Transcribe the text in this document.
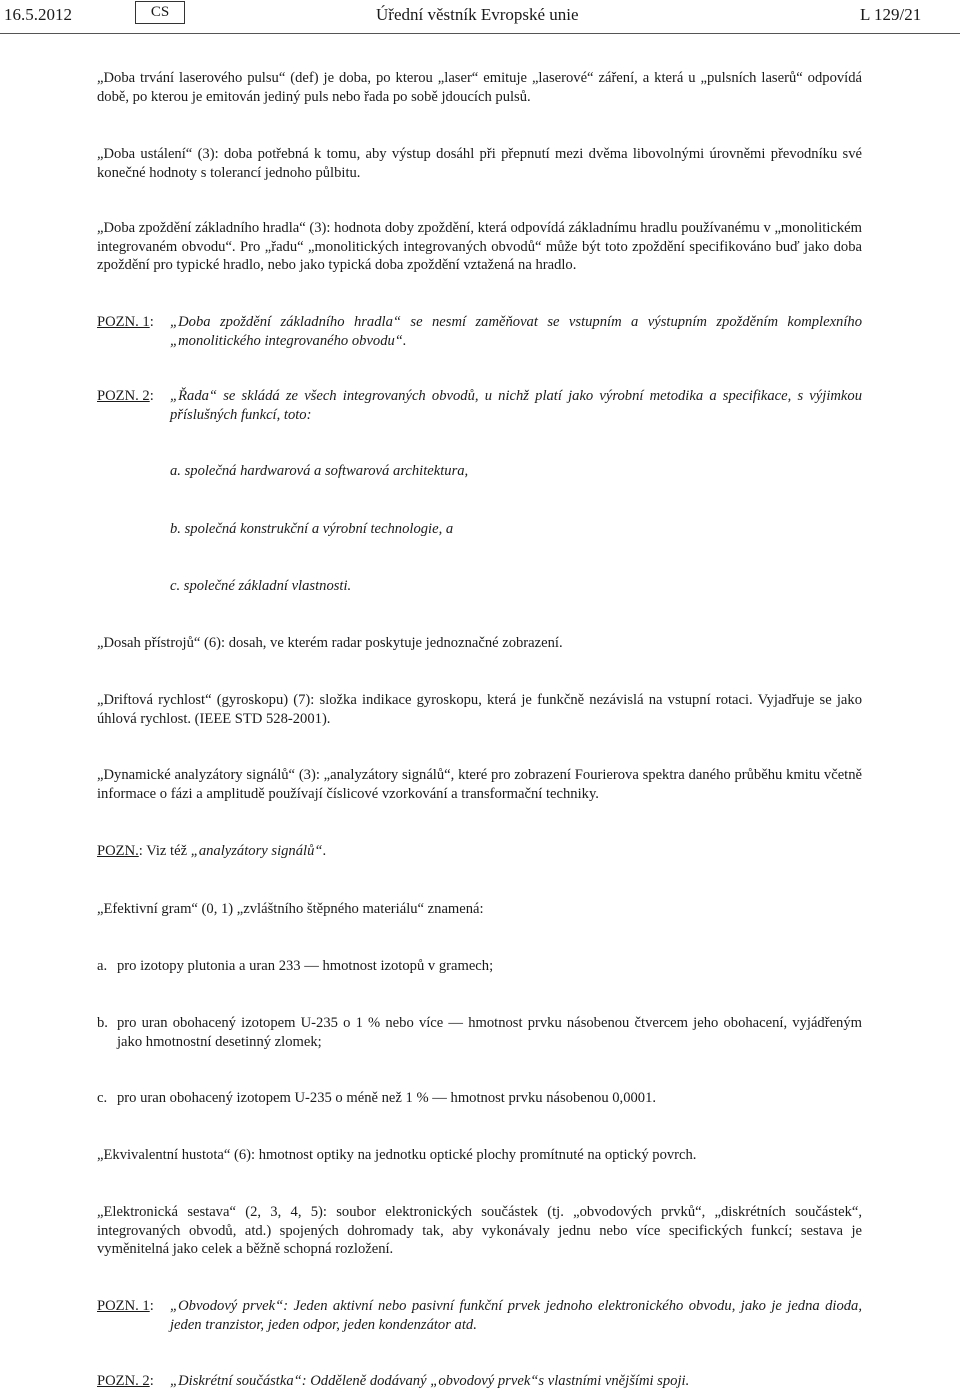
16.5.2012	CS	Úřední věstník Evropské unie	L 129/21

„Doba trvání laserového pulsu“ (def) je doba, po kterou „laser“ emituje „laserové“ záření, a která u „pulsních laserů“ odpovídá době, po kterou je emitován jediný puls nebo řada po sobě jdoucích pulsů.

„Doba ustálení“ (3): doba potřebná k tomu, aby výstup dosáhl při přepnutí mezi dvěma libovolnými úrovněmi převodníku své konečné hodnoty s tolerancí jednoho půlbitu.

„Doba zpoždění základního hradla“ (3): hodnota doby zpoždění, která odpovídá základnímu hradlu používanému v „monolitickém integrovaném obvodu“. Pro „řadu“ „monolitických integrovaných obvodů“ může být toto zpoždění specifikováno buď jako doba zpoždění pro typické hradlo, nebo jako typická doba zpoždění vztažená na hradlo.

POZN. 1: „Doba zpoždění základního hradla“ se nesmí zaměňovat se vstupním a výstupním zpožděním komplexního „monolitického integrovaného obvodu“.
POZN. 2: „Řada“ se skládá ze všech integrovaných obvodů, u nichž platí jako výrobní metodika a specifikace, s výjimkou příslušných funkcí, toto:

a. společná hardwarová a softwarová architektura,

b. společná konstrukční a výrobní technologie, a

c. společné základní vlastnosti.

„Dosah přístrojů“ (6): dosah, ve kterém radar poskytuje jednoznačné zobrazení.

„Driftová rychlost“ (gyroskopu) (7): složka indikace gyroskopu, která je funkčně nezávislá na vstupní rotaci. Vyjadřuje se jako úhlová rychlost. (IEEE STD 528-2001).

„Dynamické analyzátory signálů“ (3): „analyzátory signálů“, které pro zobrazení Fourierova spektra daného průběhu kmitu včetně informace o fázi a amplitudě používají číslicové vzorkování a transformační techniky.

POZN.: Viz též „analyzátory signálů“.

„Efektivní gram“ (0, 1) „zvláštního štěpného materiálu“ znamená:

a. pro izotopy plutonia a uran 233 — hmotnost izotopů v gramech;
b. pro uran obohacený izotopem U-235 o 1 % nebo více — hmotnost prvku násobenou čtvercem jeho obohacení, vyjádřeným jako hmotnostní desetinný zlomek;
c. pro uran obohacený izotopem U-235 o méně než 1 % — hmotnost prvku násobenou 0,0001.

„Ekvivalentní hustota“ (6): hmotnost optiky na jednotku optické plochy promítnuté na optický povrch.

„Elektronická sestava“ (2, 3, 4, 5): soubor elektronických součástek (tj. „obvodových prvků“, „diskrétních součástek“, integrovaných obvodů, atd.) spojených dohromady tak, aby vykonávaly jednu nebo více specifických funkcí; sestava je vyměnitelná jako celek a běžně schopná rozložení.

POZN. 1: „Obvodový prvek“: Jeden aktivní nebo pasivní funkční prvek jednoho elektronického obvodu, jako je jedna dioda, jeden tranzistor, jeden odpor, jeden kondenzátor atd.
POZN. 2: „Diskrétní součástka“: Odděleně dodávaný „obvodový prvek“s vlastními vnějšími spoji.
